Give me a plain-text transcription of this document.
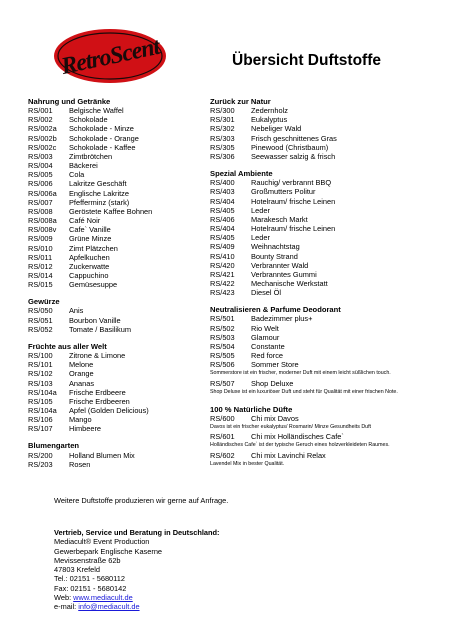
RetroScent	Übersicht Duftstoffe
Nahrung und Getränke
RS/001	Belgische Waffel
RS/002	Schokolade
RS/002a	Schokolade - Minze
RS/002b	Schokolade - Orange
RS/002c	Schokolade - Kaffee
RS/003	Zimtbrötchen
RS/004	Bäckerei
RS/005	Cola
RS/006	Lakritze Geschäft
RS/006a	Englische Lakritze
RS/007	Pfefferminz (stark)
RS/008	Geröstete Kaffee Bohnen
RS/008a	Café Noir
RS/008v	Cafe` Vanille
RS/009	Grüne Minze
RS/010	Zimt Plätzchen
RS/011	Apfelkuchen
RS/012	Zuckerwatte
RS/014	Cappuchino
RS/015	Gemüsesuppe
Gewürze
RS/050	Anis
RS/051	Bourbon Vanille
RS/052	Tomate / Basilikum
Früchte aus aller Welt
RS/100	Zitrone & Limone
RS/101	Melone
RS/102	Orange
RS/103	Ananas
RS/104a	Frische Erdbeere
RS/105	Frische Erdbeeren
RS/104a	Apfel (Golden Delicious)
RS/106	Mango
RS/107	Himbeere
Blumengarten
RS/200	Holland Blumen Mix
RS/203	Rosen
Zurück zur Natur
RS/300	Zedernholz
RS/301	Eukalyptus
RS/302	Nebeliger Wald
RS/303	Frisch geschnittenes Gras
RS/305	Pinewood (Christbaum)
RS/306	Seewasser salzig & frisch
Spezial Ambiente
RS/400	Rauchig/ verbrannt BBQ
RS/403	Großmutters Politur
RS/404	Hotelraum/ frische Leinen
RS/405	Leder
RS/406	Marakesch Markt
RS/404	Hotelraum/ frische Leinen
RS/405	Leder
RS/409	Weihnachtstag
RS/410	Bounty Strand
RS/420	Verbrannter Wald
RS/421	Verbranntes Gummi
RS/422	Mechanische Werkstatt
RS/423	Diesel Öl
Neutralisieren & Parfume Deodorant
RS/501	Badezimmer plus+
RS/502	Rio Welt
RS/503	Glamour
RS/504	Constante
RS/505	Red force
RS/506	Sommer Store
Sommerstore ist ein frischer, moderner Duft mit einem leicht süßlichen touch.
RS/507	Shop Deluxe
Shop Deluxe ist ein luxuriöser Duft und steht für Qualität mit einer frischen Note.
100 % Natürliche Düfte
RS/600	Chi mix Davos
Davos ist ein frischer eukalyptus/ Rosmarin/ Minze Gesundheits Duft
RS/601	Chi mix Holländisches Cafe`
Holländisches Cafe` ist der typische Geruch eines holzverkleideten Raumes.
RS/602	Chi mix Lavinchi Relax
Lavendel Mix in bester Qualität.
Weitere Duftstoffe produzieren wir gerne auf Anfrage.
Vertrieb, Service und Beratung in Deutschland:
Mediacult® Event Production
Gewerbepark Englische Kaserne
Mevissenstraße 62b
47803 Krefeld
Tel.: 02151 - 5680112
Fax: 02151 - 5680142
Web: www.mediacult.de
e-mail: info@mediacult.de
